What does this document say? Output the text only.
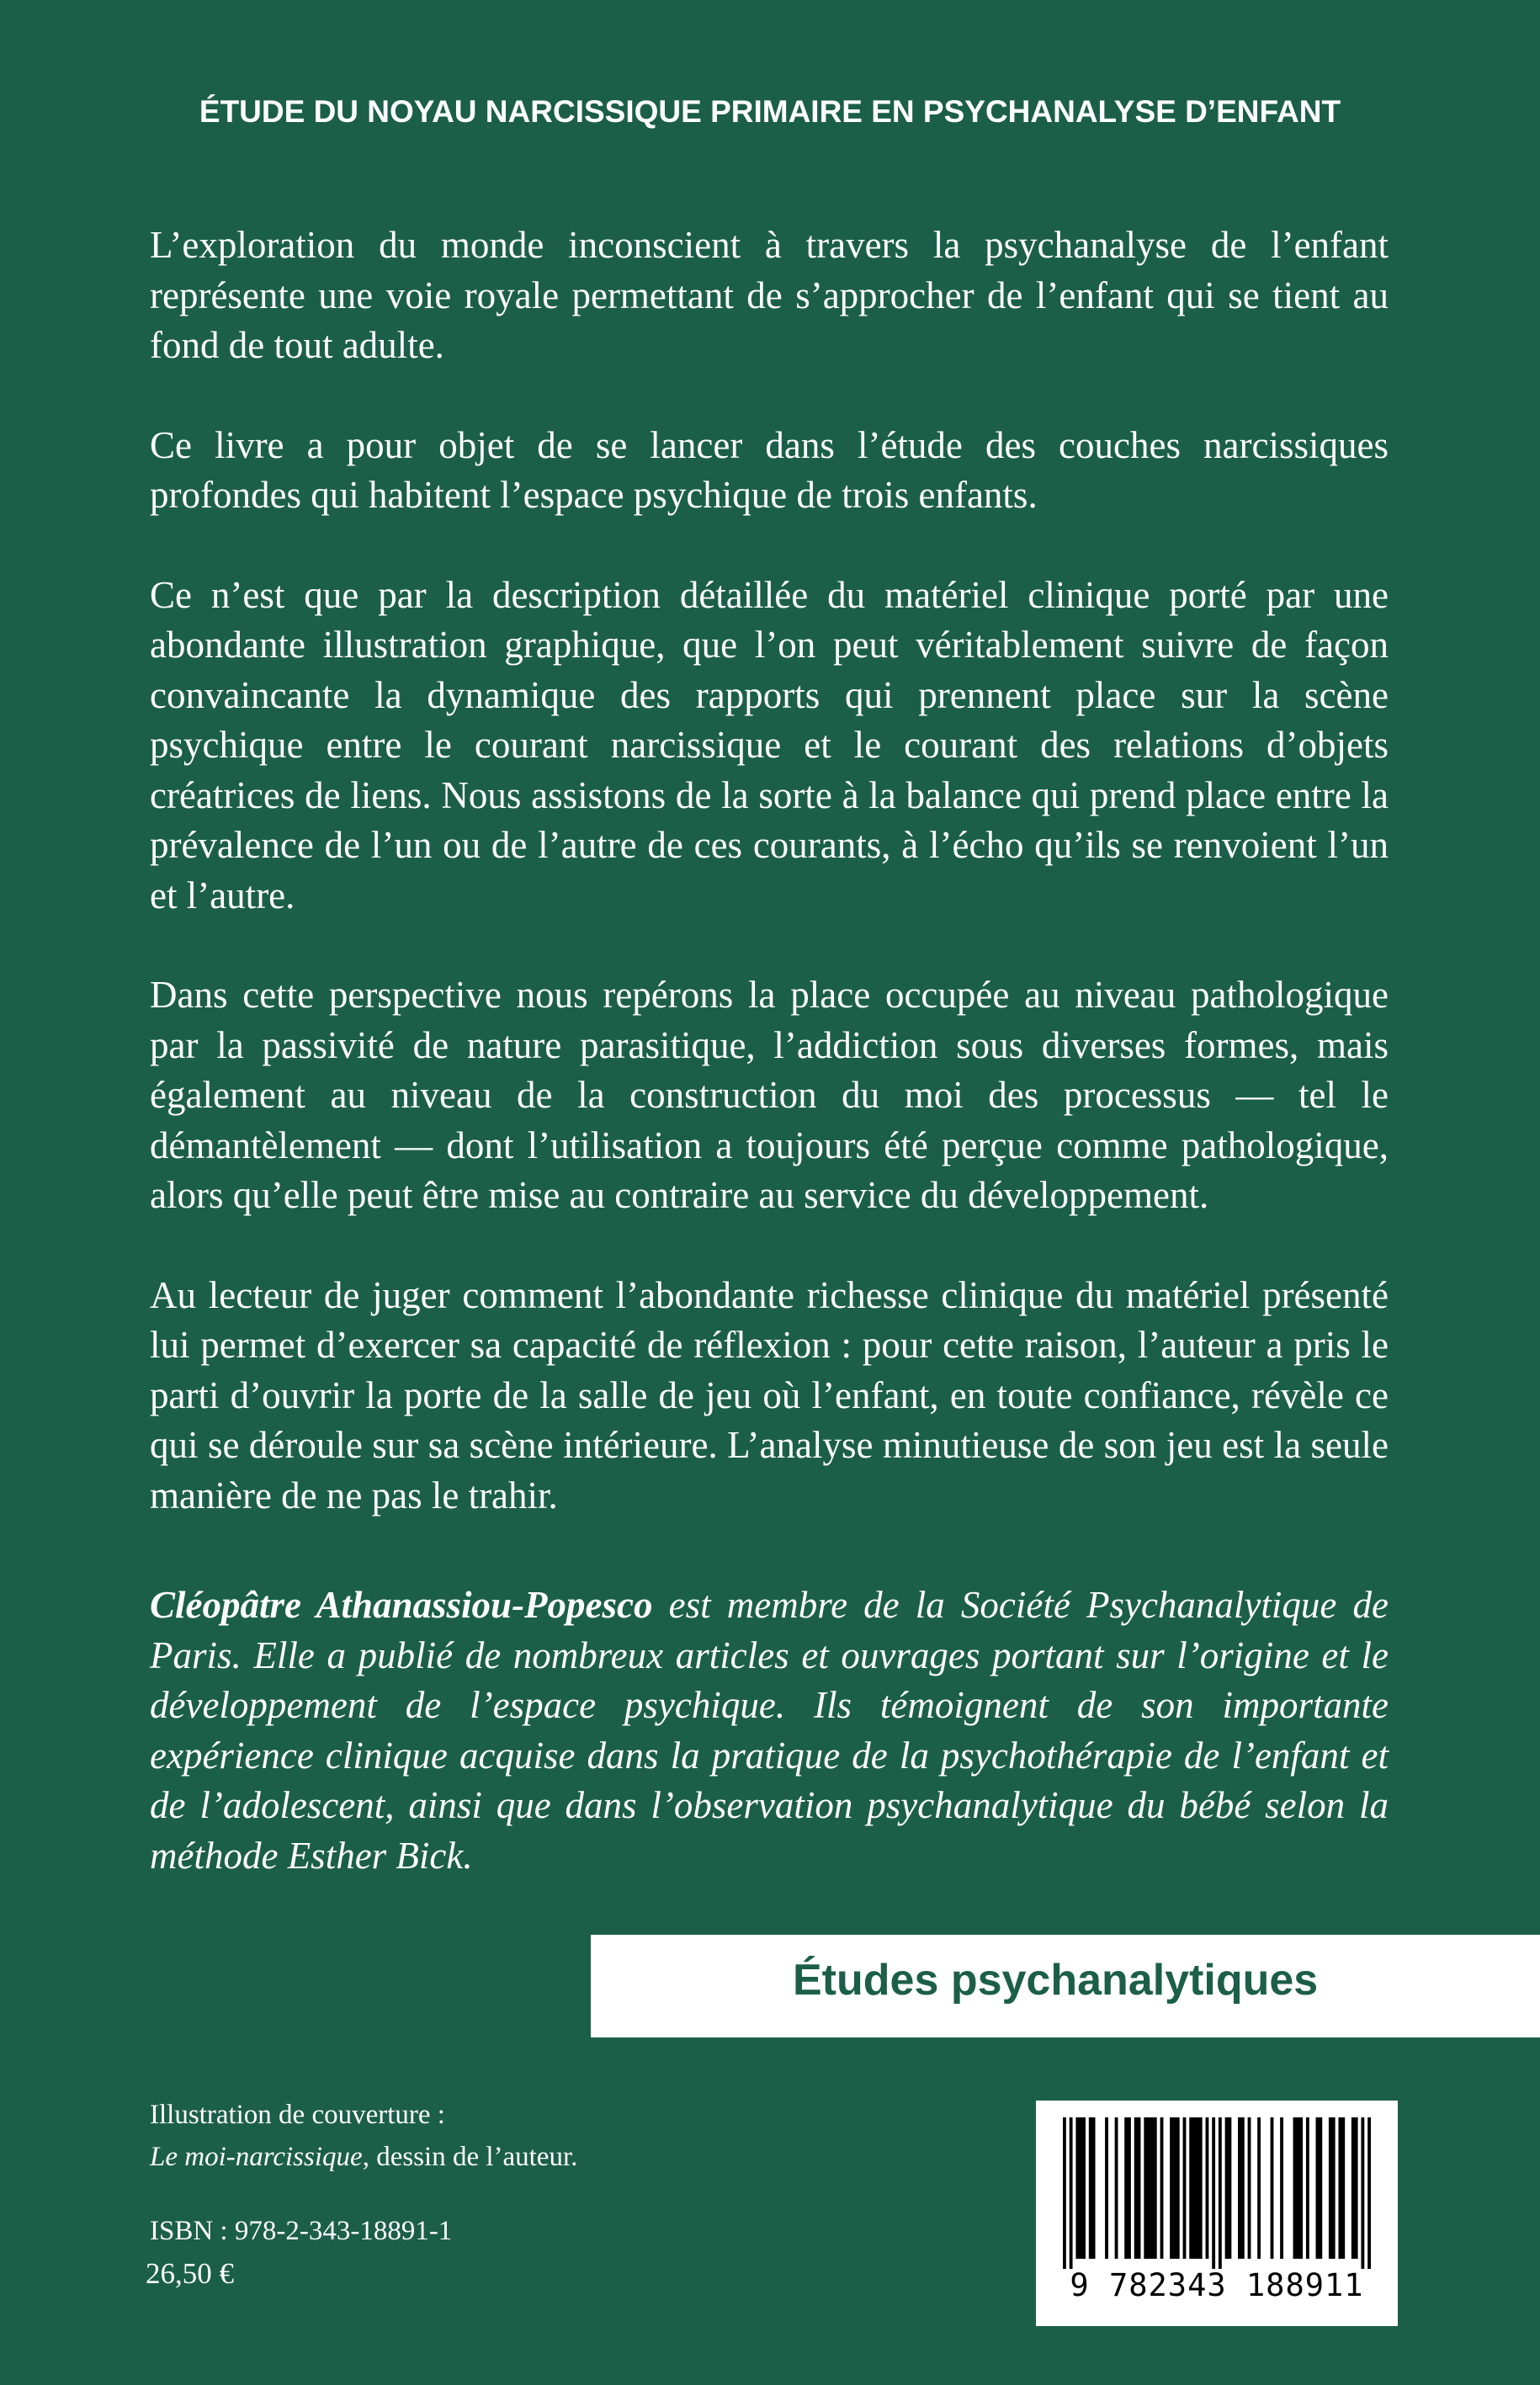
ÉTUDE DU NOYAU NARCISSIQUE PRIMAIRE EN PSYCHANALYSE D’ENFANT

L’exploration du monde inconscient à travers la psychanalyse de l’enfant représente une voie royale permettant de s’approcher de l’enfant qui se tient au fond de tout adulte.

Ce livre a pour objet de se lancer dans l’étude des couches narcissiques profondes qui habitent l’espace psychique de trois enfants.

Ce n’est que par la description détaillée du matériel clinique porté par une abondante illustration graphique, que l’on peut véritablement suivre de façon convaincante la dynamique des rapports qui prennent place sur la scène psychique entre le courant narcissique et le courant des relations d’objets créatrices de liens. Nous assistons de la sorte à la balance qui prend place entre la prévalence de l’un ou de l’autre de ces courants, à l’écho qu’ils se renvoient l’un et l’autre.

Dans cette perspective nous repérons la place occupée au niveau pathologique par la passivité de nature parasitique, l’addiction sous diverses formes, mais également au niveau de la construction du moi des processus — tel le démantèlement — dont l’utilisation a toujours été perçue comme pathologique, alors qu’elle peut être mise au contraire au service du développement.

Au lecteur de juger comment l’abondante richesse clinique du matériel présenté lui permet d’exercer sa capacité de réflexion : pour cette raison, l’auteur a pris le parti d’ouvrir la porte de la salle de jeu où l’enfant, en toute confiance, révèle ce qui se déroule sur sa scène intérieure. L’analyse minutieuse de son jeu est la seule manière de ne pas le trahir.

Cléopâtre Athanassiou-Popesco est membre de la Société Psychanalytique de Paris. Elle a publié de nombreux articles et ouvrages portant sur l’origine et le développement de l’espace psychique. Ils témoignent de son importante expérience clinique acquise dans la pratique de la psychothérapie de l’enfant et de l’adolescent, ainsi que dans l’observation psychanalytique du bébé selon la méthode Esther Bick.

Études psychanalytiques
Illustration de couverture :
Le moi-narcissique, dessin de l’auteur.
ISBN : 978-2-343-18891-1
26,50 €	9 782343 188911
